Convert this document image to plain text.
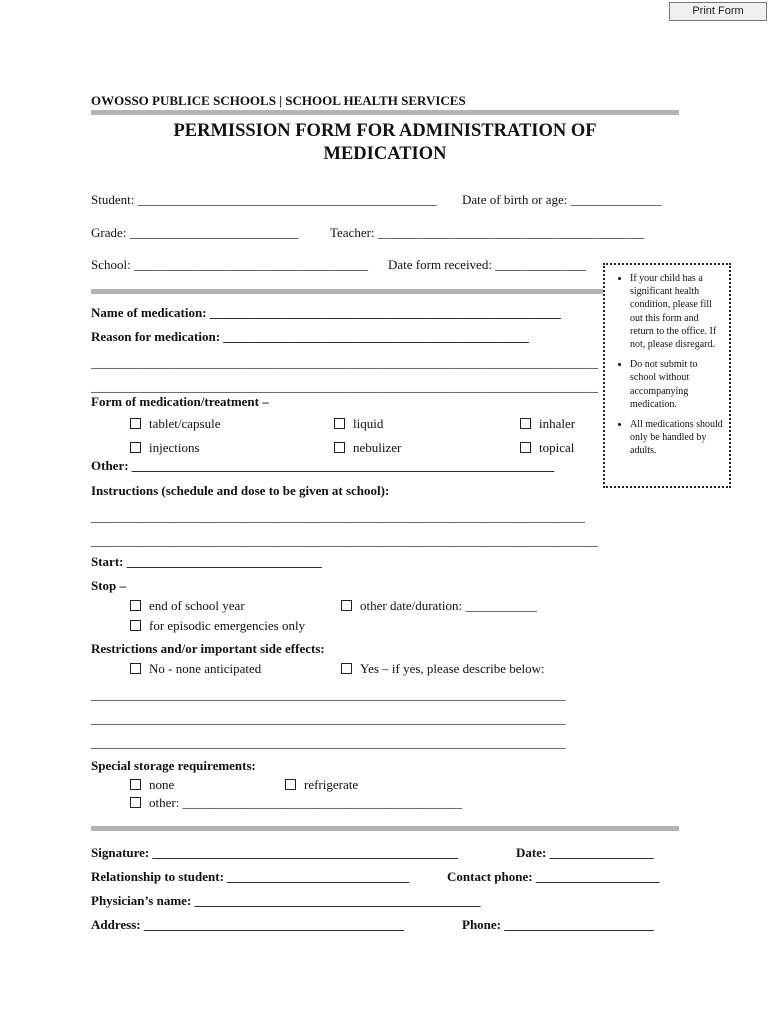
Print Form
OWOSSO PUBLICE SCHOOLS | SCHOOL HEALTH SERVICES
PERMISSION FORM FOR ADMINISTRATION OF
MEDICATION
Student: ______________________________________________ Date of birth or age: ______________
Grade: __________________________ Teacher: _________________________________________
School: ____________________________________ Date form received: ______________
Name of medication: ______________________________________________________
Reason for medication: _______________________________________________
______________________________________________________________________________
______________________________________________________________________________
Form of medication/treatment –
tablet/capsule	liquid	inhaler
injections	nebulizer	topical
Other: _________________________________________________________________
Instructions (schedule and dose to be given at school):
____________________________________________________________________________
______________________________________________________________________________
Start: ______________________________
Stop –
end of school year	other date/duration: ___________
for episodic emergencies only
Restrictions and/or important side effects:
No - none anticipated	Yes – if yes, please describe below:
_________________________________________________________________________
_________________________________________________________________________
_________________________________________________________________________
Special storage requirements:
none	refrigerate
other: ___________________________________________
Signature: _______________________________________________	Date: ________________
Relationship to student: ____________________________	Contact phone: ___________________
Physician’s name: ____________________________________________
Address: ________________________________________	Phone: _______________________
• If your child has a significant health condition, please fill out this form and return to the office. If not, please disregard.
• Do not submit to school without accompanying medication.
• All medications should only be handled by adults.
